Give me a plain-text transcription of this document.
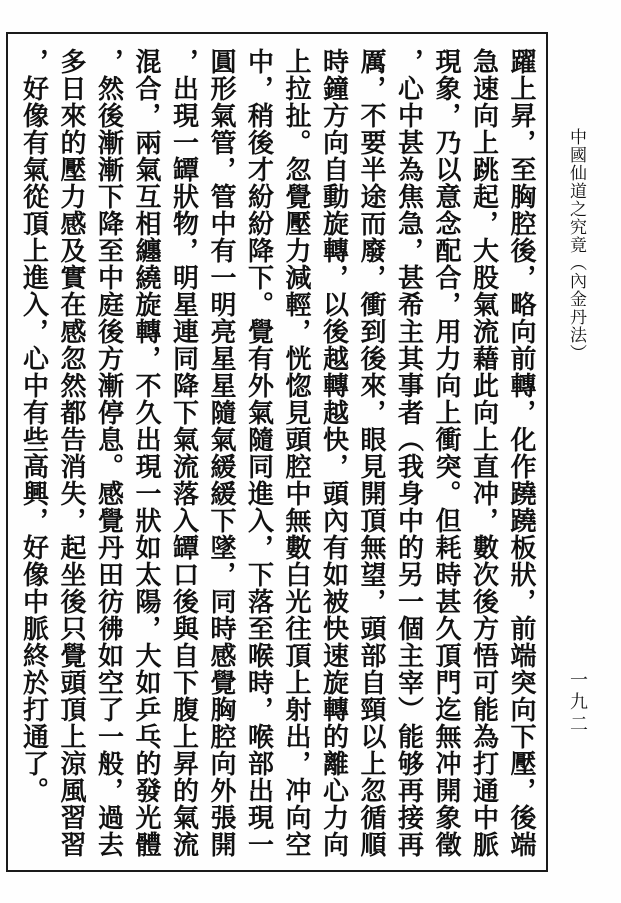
躍上昇，至胸腔後，略向前轉，化作蹺蹺板狀，前端突向下壓，後端
急速向上跳起，大股氣流藉此向上直冲，數次後方悟可能為打通中脈
現象，乃以意念配合，用力向上衝突。但耗時甚久頂門迄無冲開象徵
，心中甚為焦急，甚希主其事者（我身中的另一個主宰）能够再接再
厲，不要半途而廢，衝到後來，眼見開頂無望，頭部自頸以上忽循順
時鐘方向自動旋轉，以後越轉越快，頭內有如被快速旋轉的離心力向
上拉扯。忽覺壓力減輕，恍惚見頭腔中無數白光往頂上射出，冲向空
中，稍後才紛紛降下。覺有外氣隨同進入，下落至喉時，喉部出現一
圓形氣管，管中有一明亮星星隨氣緩緩下墜，同時感覺胸腔向外張開
，出現一罈狀物，明星連同降下氣流落入罈口後與自下腹上昇的氣流
混合，兩氣互相纏繞旋轉，不久出現一狀如太陽，大如乒乓的發光體
，然後漸漸下降至中庭後方漸停息。感覺丹田彷彿如空了一般，過去
多日來的壓力感及實在感忽然都告消失，起坐後只覺頭頂上涼風習習
，好像有氣從頂上進入，心中有些高興，好像中脈終於打通了。	中國仙道之究竟（內金丹法）
一九二
